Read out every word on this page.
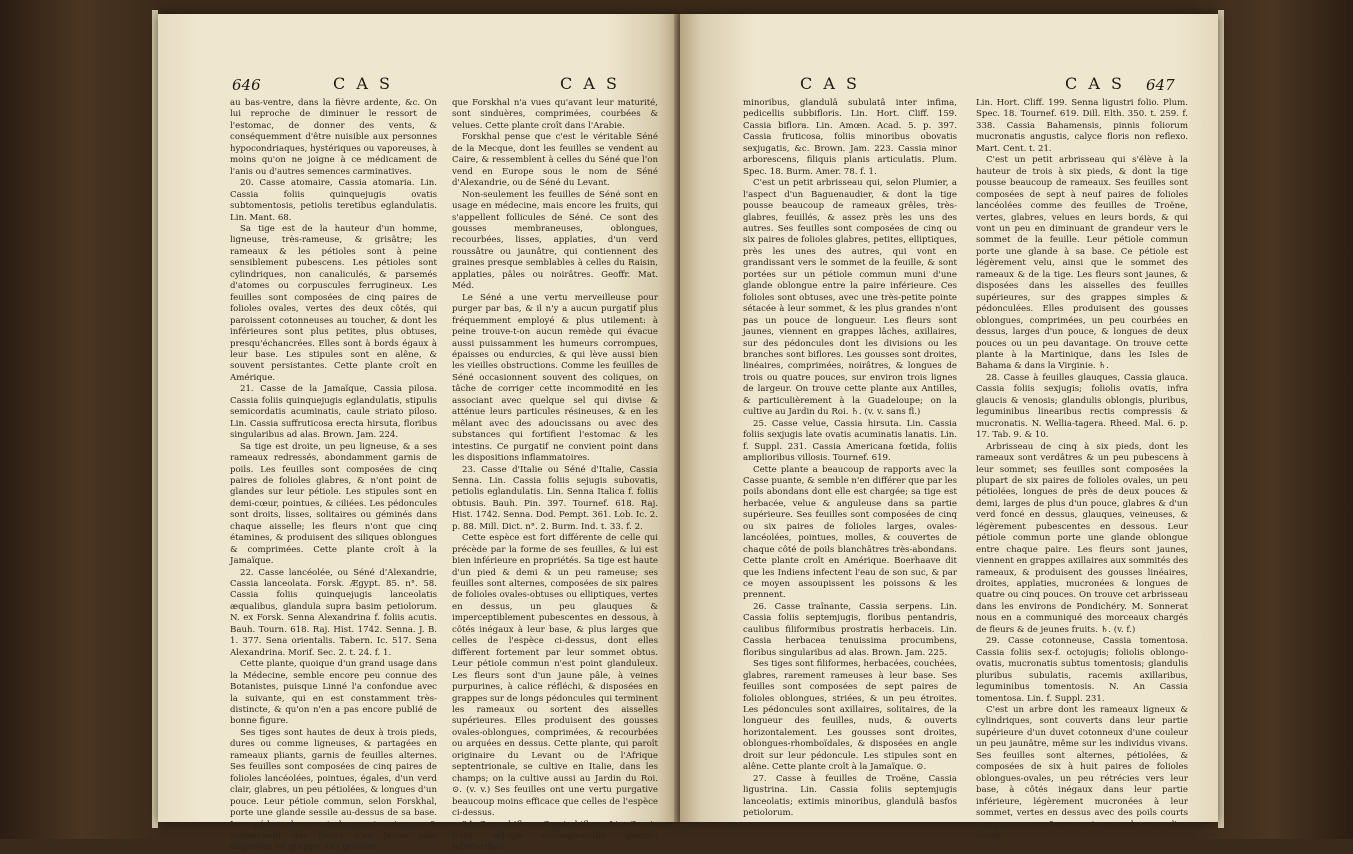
646	C A S	C A S

au bas-ventre, dans la fièvre ardente, &c. On lui reproche de diminuer le ressort de l'estomac, de donner des vents, & conséquemment d'être nuisible aux personnes hypocondriaques, hystériques ou vaporeuses, à moins qu'on ne joigne à ce médicament de l'anis ou d'autres semences carminatives.

20. Casse atomaire, Cassia atomaria. Lin. Cassia foliis quinquejugis ovatis subtomentosis, petiolis teretibus eglandulatis. Lin. Mant. 68.

Sa tige est de la hauteur d'un homme, ligneuse, très-rameuse, & grisâtre; les rameaux & les pétioles sont à peine sensiblement pubescens. Les pétioles sont cylindriques, non canaliculés, & parsemés d'atomes ou corpuscules ferrugineux. Les feuilles sont composées de cinq paires de folioles ovales, vertes des deux côtés, qui paroissent cotonneuses au toucher, & dont les inférieures sont plus petites, plus obtuses, presqu'échancrées. Elles sont à bords égaux à leur base. Les stipules sont en alêne, & souvent persistantes. Cette plante croît en Amérique.

21. Casse de la Jamaïque, Cassia pilosa. Cassia foliis quinquejugis eglandulatis, stipulis semicordatis acuminatis, caule striato piloso. Lin. Cassia suffruticosa erecta hirsuta, floribus singularibus ad alas. Brown. Jam. 224.

Sa tige est droite, un peu ligneuse, & a ses rameaux redressés, abondamment garnis de poils. Les feuilles sont composées de cinq paires de folioles glabres, & n'ont point de glandes sur leur pétiole. Les stipules sont en demi-cœur, pointues, & ciliées. Les pédoncules sont droits, lisses, solitaires ou géminés dans chaque aisselle; les fleurs n'ont que cinq étamines, & produisent des siliques oblongues & comprimées. Cette plante croît à la Jamaïque.

22. Casse lancéolée, ou Séné d'Alexandrie, Cassia lanceolata. Forsk. Ægypt. 85. n°. 58. Cassia foliis quinquejugis lanceolatis æqualibus, glandula supra basim petiolorum. N. ex Forsk. Senna Alexandrina f. foliis acutis. Bauh. Tourn. 618. Raj. Hist. 1742. Senna. J. B. 1. 377. Sena orientalis. Tabern. Ic. 517. Sena Alexandrina. Morif. Sec. 2. t. 24. f. 1.

Cette plante, quoique d'un grand usage dans la Médecine, semble encore peu connue des Botanistes, puisque Linné l'a confondue avec la suivante, qui en est constamment très-distincte, & qu'on n'en a pas encore publié de bonne figure.

Ses tiges sont hautes de deux à trois pieds, dures ou comme ligneuses, & partagées en rameaux pliants, garnis de feuilles alternes. Ses feuilles sont composées de cinq paires de folioles lancéolées, pointues, égales, d'un verd clair, glabres, un peu pétiolées, & longues d'un pouce. Leur pétiole commun, selon Forskhal, porte une glande sessile au-dessus de sa base. Les pédoncules sont longs, terminaux, & soutiennent des fleurs d'un jaune pâle disposées en grappe. Les gousses,

que Forskhal n'a vues qu'avant leur maturité, sont sinduères, comprimées, courbées & velues. Cette plante croît dans l'Arabie.

Forskhal pense que c'est le véritable Séné de la Mecque, dont les feuilles se vendent au Caire, & ressemblent à celles du Séné que l'on vend en Europe sous le nom de Séné d'Alexandrie, ou de Séné du Levant.

Non-seulement les feuilles de Séné sont en usage en médecine, mais encore les fruits, qui s'appellent follicules de Séné. Ce sont des gousses membraneuses, oblongues, recourbées, lisses, applaties, d'un verd roussâtre ou jaunâtre, qui contiennent des graines presque semblables à celles du Raisin, applaties, pâles ou noirâtres. Geoffr. Mat. Méd.

Le Séné a une vertu merveilleuse pour purger par bas, & il n'y a aucun purgatif plus fréquemment employé & plus utilement: à peine trouve-t-on aucun remède qui évacue aussi puissamment les humeurs corrompues, épaisses ou endurcies, & qui lève aussi bien les vieilles obstructions. Comme les feuilles de Séné occasionnent souvent des coliques, on tâche de corriger cette incommodité en les associant avec quelque sel qui divise & atténue leurs particules résineuses, & en les mêlant avec des adoucissans ou avec des substances qui fortifient l'estomac & les intestins. Ce purgatif ne convient point dans les dispositions inflammatoires.

23. Casse d'Italie ou Séné d'Italie, Cassia Senna. Lin. Cassia foliis sejugis subovatis, petiolis eglandulatis. Lin. Senna Italica f. foliis obtusis. Bauh. Pin. 397. Tournef. 618. Raj. Hist. 1742. Senna. Dod. Pempt. 361. Lob. Ic. 2. p. 88. Mill. Dict. n°. 2. Burm. Ind. t. 33. f. 2.

Cette espèce est fort différente de celle qui précède par la forme de ses feuilles, & lui est bien inférieure en propriétés. Sa tige est haute d'un pied & demi & un peu rameuse; ses feuilles sont alternes, composées de six paires de folioles ovales-obtuses ou elliptiques, vertes en dessus, un peu glauques & imperceptiblement pubescentes en dessous, à côtés inégaux à leur base, & plus larges que celles de l'espèce ci-dessus, dont elles diffèrent fortement par leur sommet obtus. Leur pétiole commun n'est point glanduleux. Les fleurs sont d'un jaune pâle, à veines purpurines, à calice réfléchi, & disposées en grappes sur de longs pédoncules qui terminent les rameaux ou sortent des aisselles supérieures. Elles produisent des gousses ovales-oblongues, comprimées, & recourbées ou arquées en dessus. Cette plante, qui paroît originaire du Levant ou de l'Afrique septentrionale, se cultive en Italie, dans les champs; on la cultive aussi au Jardin du Roi. ⊙. (v. v.) Ses feuilles ont une vertu purgative beaucoup moins efficace que celles de l'espèce ci-dessus.

24. Casse biflore, Cassia biflora. Lin. Cassia foliis sejugis oblongiusculis glabris; inferioribus

C A S	C A S 647

minoribus, glandulâ subulatâ inter infima, pedicellis subbifloris. Lin. Hort. Cliff. 159. Cassia biflora. Lin. Amœn. Acad. 5. p. 397. Cassia fruticosa, foliis minoribus obovatis sexjugatis, &c. Brown. Jam. 223. Cassia minor arborescens, filiquis planis articulatis. Plum. Spec. 18. Burm. Amer. 78. f. 1.

C'est un petit arbrisseau qui, selon Plumier, a l'aspect d'un Baguenaudier, & dont la tige pousse beaucoup de rameaux grêles, très-glabres, feuillés, & assez près les uns des autres. Ses feuilles sont composées de cinq ou six paires de folioles glabres, petites, elliptiques, près les unes des autres, qui vont en grandissant vers le sommet de la feuille, & sont portées sur un pétiole commun muni d'une glande oblongue entre la paire inférieure. Ces folioles sont obtuses, avec une très-petite pointe sétacée à leur sommet, & les plus grandes n'ont pas un pouce de longueur. Les fleurs sont jaunes, viennent en grappes lâches, axillaires, sur des pédoncules dont les divisions ou les branches sont biflores. Les gousses sont droites, linéaires, comprimées, noirâtres, & longues de trois ou quatre pouces, sur environ trois lignes de largeur. On trouve cette plante aux Antilles, & particulièrement à la Guadeloupe; on la cultive au Jardin du Roi. ♄. (v. v. sans fl.)

25. Casse velue, Cassia hirsuta. Lin. Cassia foliis sexjugis late ovatis acuminatis lanatis. Lin. f. Suppl. 231. Cassia Americana fœtida, foliis amplioribus villosis. Tournef. 619.

Cette plante a beaucoup de rapports avec la Casse puante, & semble n'en différer que par les poils abondans dont elle est chargée; sa tige est herbacée, velue & anguleuse dans sa partie supérieure. Ses feuilles sont composées de cinq ou six paires de folioles larges, ovales-lancéolées, pointues, molles, & couvertes de chaque côté de poils blanchâtres très-abondans. Cette plante croît en Amérique. Boerhaave dit que les Indiens infectent l'eau de son suc, & par ce moyen assoupissent les poissons & les prennent.

26. Casse traînante, Cassia serpens. Lin. Cassia foliis septemjugis, floribus pentandris, caulibus filiformibus prostratis herbaceis. Lin. Cassia herbacea tenuissima procumbens, floribus singularibus ad alas. Brown. Jam. 225.

Ses tiges sont filiformes, herbacées, couchées, glabres, rarement rameuses à leur base. Ses feuilles sont composées de sept paires de folioles oblongues, striées, & un peu étroites. Les pédoncules sont axillaires, solitaires, de la longueur des feuilles, nuds, & ouverts horizontalement. Les gousses sont droites, oblongues-rhomboïdales, & disposées en angle droit sur leur pédoncule. Les stipules sont en alêne. Cette plante croît à la Jamaïque. ⊙.

27. Casse à feuilles de Troëne, Cassia ligustrina. Lin. Cassia foliis septemjugis lanceolatis; extimis minoribus, glandulâ basfos petiolorum.

Lin. Hort. Cliff. 199. Senna ligustri folio. Plum. Spec. 18. Tournef. 619. Dill. Elth. 350. t. 259. f. 338. Cassia Bahamensis, pinnis foliorum mucronatis angustis, calyce floris non reflexo. Mart. Cent. t. 21.

C'est un petit arbrisseau qui s'élève à la hauteur de trois à six pieds, & dont la tige pousse beaucoup de rameaux. Ses feuilles sont composées de sept à neuf paires de folioles lancéolées comme des feuilles de Troëne, vertes, glabres, velues en leurs bords, & qui vont un peu en diminuant de grandeur vers le sommet de la feuille. Leur pétiole commun porte une glande à sa base. Ce pétiole est légèrement velu, ainsi que le sommet des rameaux & de la tige. Les fleurs sont jaunes, & disposées dans les aisselles des feuilles supérieures, sur des grappes simples & pédonculées. Elles produisent des gousses oblongues, comprimées, un peu courbées en dessus, larges d'un pouce, & longues de deux pouces ou un peu davantage. On trouve cette plante à la Martinique, dans les Isles de Bahama & dans la Virginie. ♄.

28. Casse à feuilles glauques, Cassia glauca. Cassia foliis sexjugis; foliolis ovatis, infra glaucis & venosis; glandulis oblongis, pluribus, leguminibus linearibus rectis compressis & mucronatis. N. Wellia-tagera. Rheed. Mal. 6. p. 17. Tab. 9. & 10.

Arbrisseau de cinq à six pieds, dont les rameaux sont verdâtres & un peu pubescens à leur sommet; ses feuilles sont composées la plupart de six paires de folioles ovales, un peu pétiolées, longues de près de deux pouces & demi, larges de plus d'un pouce, glabres & d'un verd foncé en dessus, glauques, veineuses, & légèrement pubescentes en dessous. Leur pétiole commun porte une glande oblongue entre chaque paire. Les fleurs sont jaunes, viennent en grappes axillaires aux sommités des rameaux, & produisent des gousses linéaires, droites, applaties, mucronées & longues de quatre ou cinq pouces. On trouve cet arbrisseau dans les environs de Pondichéry. M. Sonnerat nous en a communiqué des morceaux chargés de fleurs & de jeunes fruits. ♄. (v. f.)

29. Casse cotonneuse, Cassia tomentosa. Cassia foliis sex-f. octojugis; foliolis oblongo-ovatis, mucronatis subtus tomentosis; glandulis pluribus subulatis, racemis axillaribus, leguminibus tomentosis. N. An Cassia tomentosa. Lin. f. Suppl. 231.

C'est un arbre dont les rameaux ligneux & cylindriques, sont couverts dans leur partie supérieure d'un duvet cotonneux d'une couleur un peu jaunâtre, même sur les individus vivans. Ses feuilles sont alternes, pétiolées, & composées de six à huit paires de folioles oblongues-ovales, un peu rétrécies vers leur base, à côtés inégaux dans leur partie inférieure, légèrement mucronées à leur sommet, vertes en dessus avec des poils courts un peu rares, & couvertes en dessous d'un duvet
